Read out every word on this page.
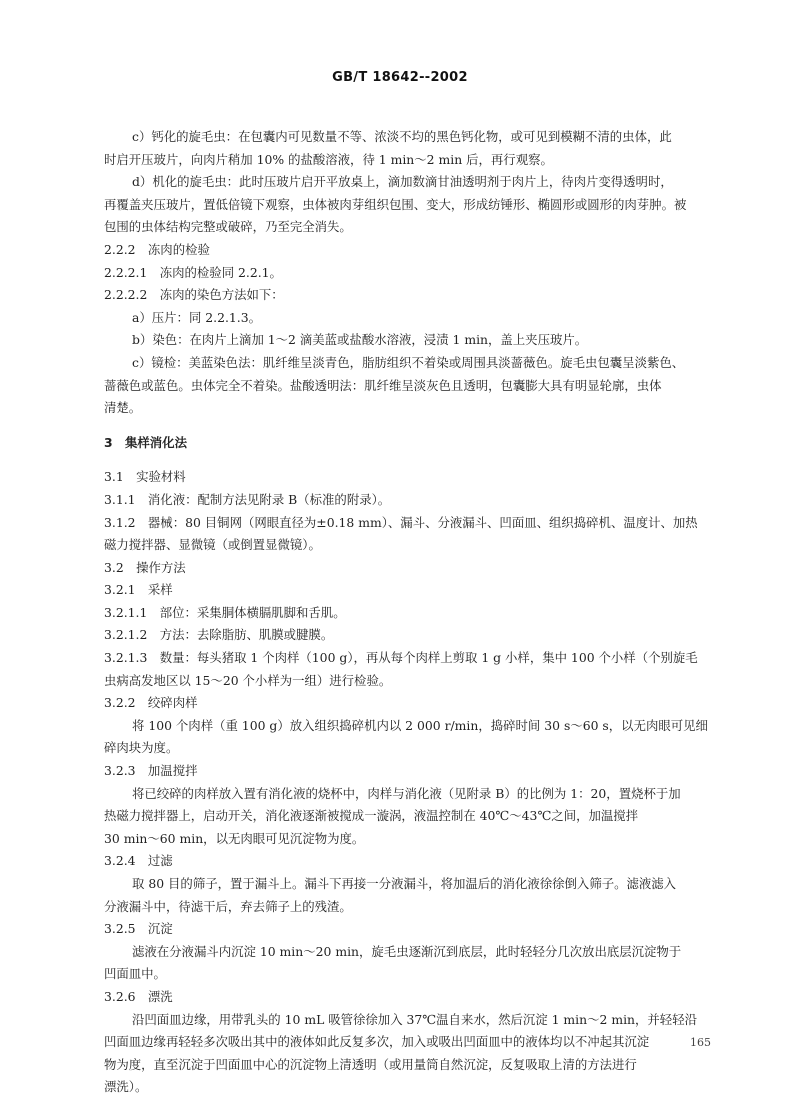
GB/T 18642--2002
c）钙化的旋毛虫：在包囊内可见数量不等、浓淡不均的黑色钙化物，或可见到模糊不清的虫体，此
时启开压玻片，向肉片稍加 10% 的盐酸溶液，待 1 min～2 min 后，再行观察。
d）机化的旋毛虫：此时压玻片启开平放桌上，滴加数滴甘油透明剂于肉片上，待肉片变得透明时，
再覆盖夹压玻片，置低倍镜下观察，虫体被肉芽组织包围、变大，形成纺锤形、椭圆形或圆形的肉芽肿。被
包围的虫体结构完整或破碎，乃至完全消失。
2.2.2　冻肉的检验
2.2.2.1　冻肉的检验同 2.2.1。
2.2.2.2　冻肉的染色方法如下：
a）压片：同 2.2.1.3。
b）染色：在肉片上滴加 1～2 滴美蓝或盐酸水溶液，浸渍 1 min，盖上夹压玻片。
c）镜检：美蓝染色法：肌纤维呈淡青色，脂肪组织不着染或周围具淡蔷薇色。旋毛虫包囊呈淡紫色、
蔷薇色或蓝色。虫体完全不着染。盐酸透明法：肌纤维呈淡灰色且透明，包囊膨大具有明显轮廓，虫体
清楚。
3　集样消化法
3.1　实验材料
3.1.1　消化液：配制方法见附录 B（标准的附录）。
3.1.2　器械：80 目铜网（网眼直径为±0.18 mm）、漏斗、分液漏斗、凹面皿、组织捣碎机、温度计、加热
磁力搅拌器、显微镜（或倒置显微镜）。
3.2　操作方法
3.2.1　采样
3.2.1.1　部位：采集胴体横膈肌脚和舌肌。
3.2.1.2　方法：去除脂肪、肌膜或腱膜。
3.2.1.3　数量：每头猪取 1 个肉样（100 g），再从每个肉样上剪取 1 g 小样，集中 100 个小样（个别旋毛
虫病高发地区以 15～20 个小样为一组）进行检验。
3.2.2　绞碎肉样
将 100 个肉样（重 100 g）放入组织捣碎机内以 2 000 r/min，捣碎时间 30 s～60 s，以无肉眼可见细
碎肉块为度。
3.2.3　加温搅拌
将已绞碎的肉样放入置有消化液的烧杯中，肉样与消化液（见附录 B）的比例为 1：20，置烧杯于加
热磁力搅拌器上，启动开关，消化液逐渐被搅成一漩涡，液温控制在 40℃～43℃之间，加温搅拌
30 min～60 min，以无肉眼可见沉淀物为度。
3.2.4　过滤
取 80 目的筛子，置于漏斗上。漏斗下再接一分液漏斗，将加温后的消化液徐徐倒入筛子。滤液滤入
分液漏斗中，待滤干后，弃去筛子上的残渣。
3.2.5　沉淀
滤液在分液漏斗内沉淀 10 min～20 min，旋毛虫逐渐沉到底层，此时轻轻分几次放出底层沉淀物于
凹面皿中。
3.2.6　漂洗
沿凹面皿边缘，用带乳头的 10 mL 吸管徐徐加入 37℃温自来水，然后沉淀 1 min～2 min，并轻轻沿
凹面皿边缘再轻轻多次吸出其中的液体如此反复多次，加入或吸出凹面皿中的液体均以不冲起其沉淀
物为度，直至沉淀于凹面皿中心的沉淀物上清透明（或用量筒自然沉淀，反复吸取上清的方法进行
漂洗）。
165
